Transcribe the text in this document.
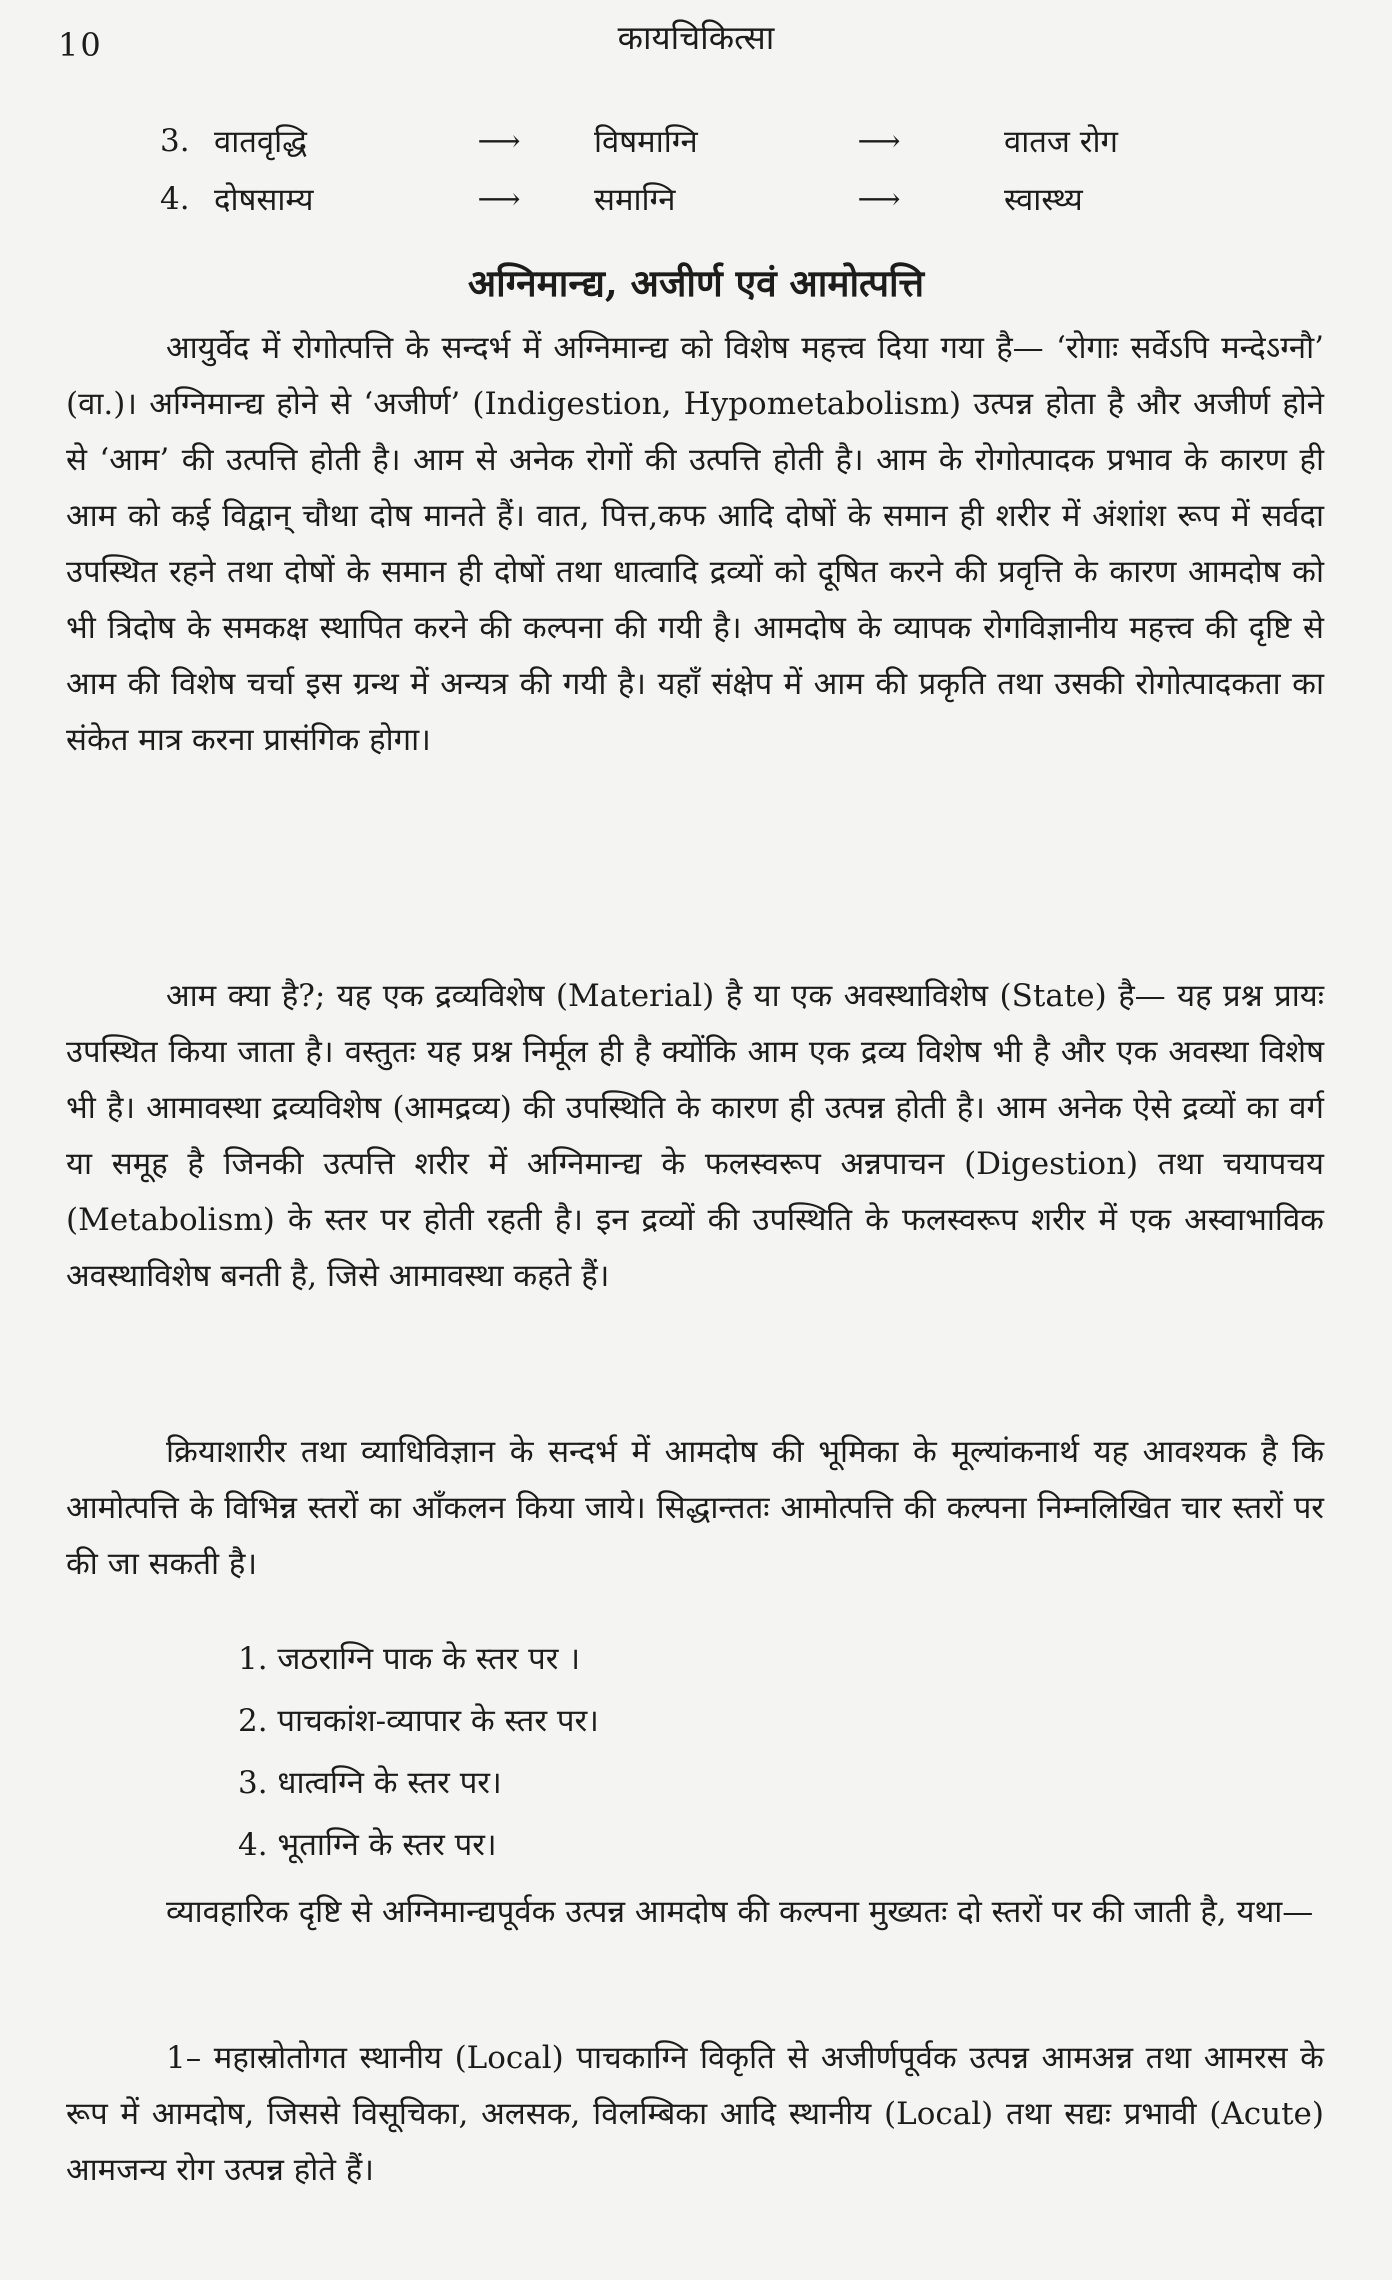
10	कायचिकित्सा
3. वातवृद्धि	⟶	विषमाग्नि	⟶	वातज रोग
4. दोषसाम्य	⟶	समाग्नि	⟶	स्वास्थ्य
अग्निमान्द्य, अजीर्ण एवं आमोत्पत्ति

आयुर्वेद में रोगोत्पत्ति के सन्दर्भ में अग्निमान्द्य को विशेष महत्त्व दिया गया है— ‘रोगाः सर्वेऽपि मन्देऽग्नौ’ (वा.)। अग्निमान्द्य होने से ‘अजीर्ण’ (Indigestion, Hypometabolism) उत्पन्न होता है और अजीर्ण होने से ‘आम’ की उत्पत्ति होती है। आम से अनेक रोगों की उत्पत्ति होती है। आम के रोगोत्पादक प्रभाव के कारण ही आम को कई विद्वान् चौथा दोष मानते हैं। वात, पित्त,कफ आदि दोषों के समान ही शरीर में अंशांश रूप में सर्वदा उपस्थित रहने तथा दोषों के समान ही दोषों तथा धात्वादि द्रव्यों को दूषित करने की प्रवृत्ति के कारण आमदोष को भी त्रिदोष के समकक्ष स्थापित करने की कल्पना की गयी है। आमदोष के व्यापक रोगविज्ञानीय महत्त्व की दृष्टि से आम की विशेष चर्चा इस ग्रन्थ में अन्यत्र की गयी है। यहाँ संक्षेप में आम की प्रकृति तथा उसकी रोगोत्पादकता का संकेत मात्र करना प्रासंगिक होगा।

आम क्या है?; यह एक द्रव्यविशेष (Material) है या एक अवस्थाविशेष (State) है— यह प्रश्न प्रायः उपस्थित किया जाता है। वस्तुतः यह प्रश्न निर्मूल ही है क्योंकि आम एक द्रव्य विशेष भी है और एक अवस्था विशेष भी है। आमावस्था द्रव्यविशेष (आमद्रव्य) की उपस्थिति के कारण ही उत्पन्न होती है। आम अनेक ऐसे द्रव्यों का वर्ग या समूह है जिनकी उत्पत्ति शरीर में अग्निमान्द्य के फलस्वरूप अन्नपाचन (Digestion) तथा चयापचय (Metabolism) के स्तर पर होती रहती है। इन द्रव्यों की उपस्थिति के फलस्वरूप शरीर में एक अस्वाभाविक अवस्थाविशेष बनती है, जिसे आमावस्था कहते हैं।

क्रियाशारीर तथा व्याधिविज्ञान के सन्दर्भ में आमदोष की भूमिका के मूल्यांकनार्थ यह आवश्यक है कि आमोत्पत्ति के विभिन्न स्तरों का आँकलन किया जाये। सिद्धान्ततः आमोत्पत्ति की कल्पना निम्नलिखित चार स्तरों पर की जा सकती है।

1. जठराग्नि पाक के स्तर पर ।
2. पाचकांश-व्यापार के स्तर पर।
3. धात्वग्नि के स्तर पर।
4. भूताग्नि के स्तर पर।

व्यावहारिक दृष्टि से अग्निमान्द्यपूर्वक उत्पन्न आमदोष की कल्पना मुख्यतः दो स्तरों पर की जाती है, यथा—

1– महास्रोतोगत स्थानीय (Local) पाचकाग्नि विकृति से अजीर्णपूर्वक उत्पन्न आमअन्न तथा आमरस के रूप में आमदोष, जिससे विसूचिका, अलसक, विलम्बिका आदि स्थानीय (Local) तथा सद्यः प्रभावी (Acute) आमजन्य रोग उत्पन्न होते हैं।
